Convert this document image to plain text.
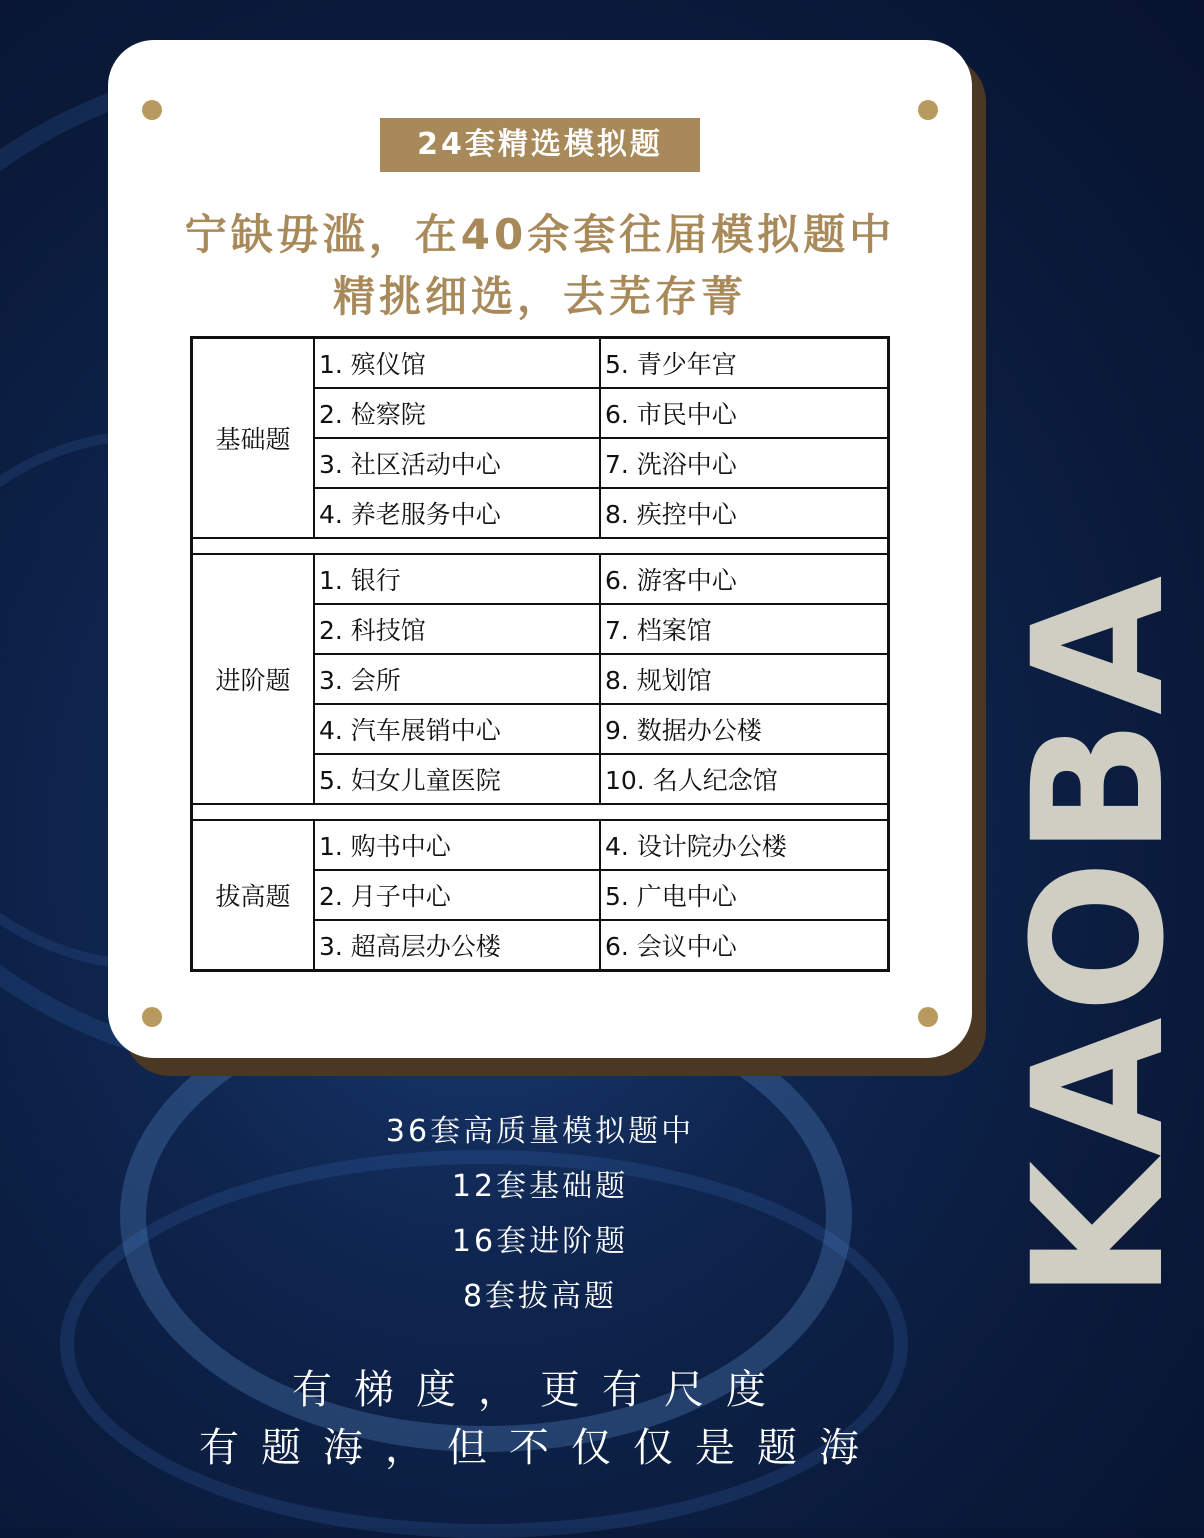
KAOBA
24套精选模拟题
宁缺毋滥，在40余套往届模拟题中
精挑细选，去芜存菁
基础题	1. 殡仪馆	5. 青少年宫
	2. 检察院	6. 市民中心
	3. 社区活动中心	7. 洗浴中心
	4. 养老服务中心	8. 疾控中心

进阶题	1. 银行	6. 游客中心
	2. 科技馆	7. 档案馆
	3. 会所	8. 规划馆
	4. 汽车展销中心	9. 数据办公楼
	5. 妇女儿童医院	10. 名人纪念馆

拔高题	1. 购书中心	4. 设计院办公楼
	2. 月子中心	5. 广电中心
	3. 超高层办公楼	6. 会议中心
36套高质量模拟题中
12套基础题
16套进阶题
8套拔高题
有梯度，更有尺度
有题海，但不仅仅是题海
